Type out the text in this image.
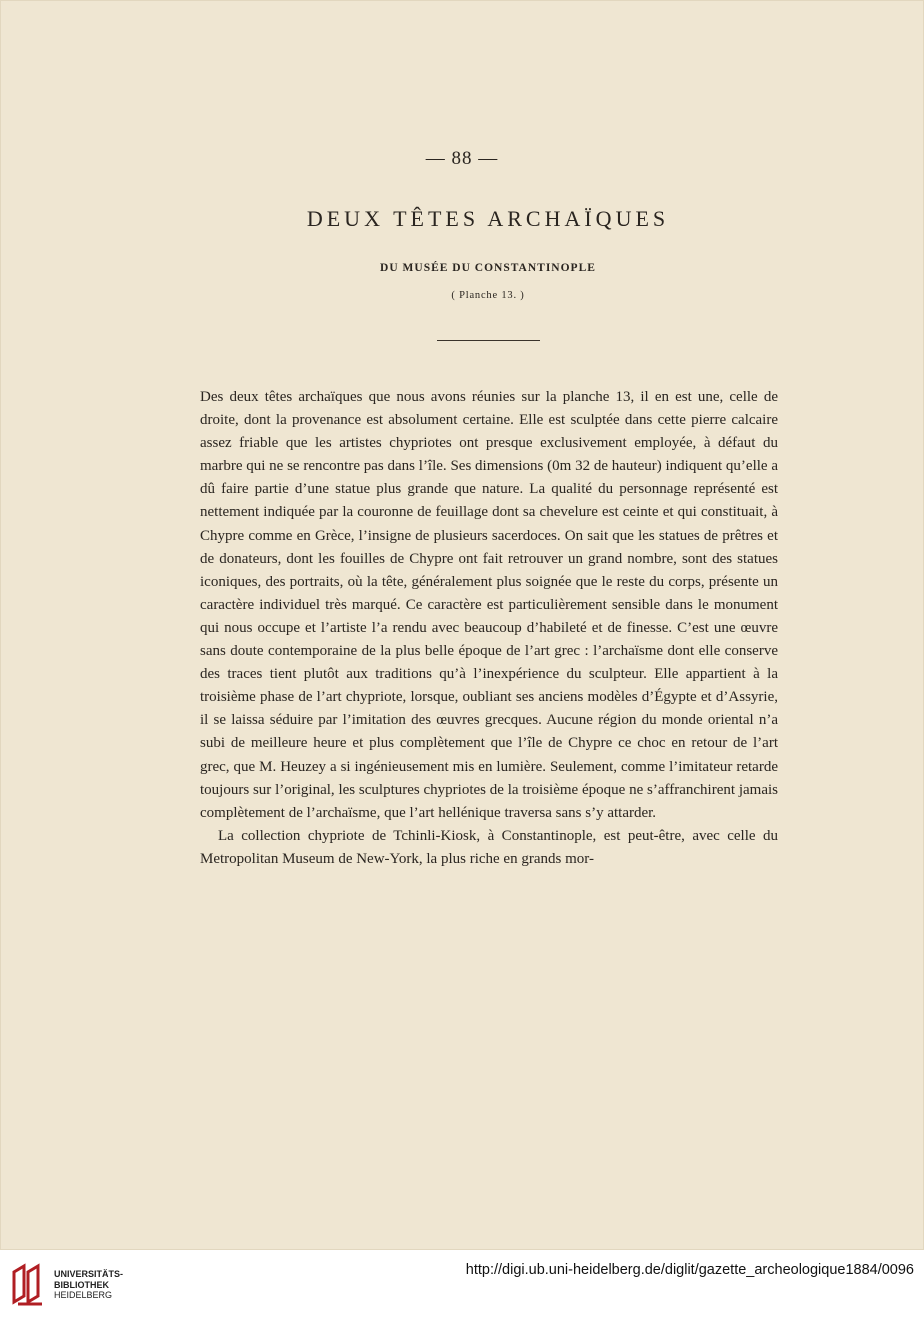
— 88 —
DEUX TÊTES ARCHAÏQUES
DU MUSÉE DU CONSTANTINOPLE
( Planche 13. )

Des deux têtes archaïques que nous avons réunies sur la planche 13, il en est une, celle de droite, dont la provenance est absolument certaine. Elle est sculptée dans cette pierre calcaire assez friable que les artistes chypriotes ont presque exclusivement employée, à défaut du marbre qui ne se rencontre pas dans l’île. Ses dimensions (0m 32 de hauteur) indiquent qu’elle a dû faire partie d’une statue plus grande que nature. La qualité du personnage représenté est nettement indiquée par la couronne de feuillage dont sa chevelure est ceinte et qui constituait, à Chypre comme en Grèce, l’insigne de plusieurs sacerdoces. On sait que les statues de prêtres et de donateurs, dont les fouilles de Chypre ont fait retrouver un grand nombre, sont des statues iconiques, des portraits, où la tête, généralement plus soignée que le reste du corps, présente un caractère individuel très marqué. Ce caractère est particulièrement sensible dans le monument qui nous occupe et l’artiste l’a rendu avec beaucoup d’habileté et de finesse. C’est une œuvre sans doute contemporaine de la plus belle époque de l’art grec : l’archaïsme dont elle conserve des traces tient plutôt aux traditions qu’à l’inexpérience du sculpteur. Elle appartient à la troisième phase de l’art chypriote, lorsque, oubliant ses anciens modèles d’Égypte et d’Assyrie, il se laissa séduire par l’imitation des œuvres grecques. Aucune région du monde oriental n’a subi de meilleure heure et plus complètement que l’île de Chypre ce choc en retour de l’art grec, que M. Heuzey a si ingénieusement mis en lumière. Seulement, comme l’imitateur retarde toujours sur l’original, les sculptures chypriotes de la troisième époque ne s’affranchirent jamais complètement de l’archaïsme, que l’art hellénique traversa sans s’y attarder.

La collection chypriote de Tchinli-Kiosk, à Constantinople, est peut-être, avec celle du Metropolitan Museum de New-York, la plus riche en grands mor-

UNIVERSITÄTS-
BIBLIOTHEK
HEIDELBERG
http://digi.ub.uni-heidelberg.de/diglit/gazette_archeologique1884/0096
